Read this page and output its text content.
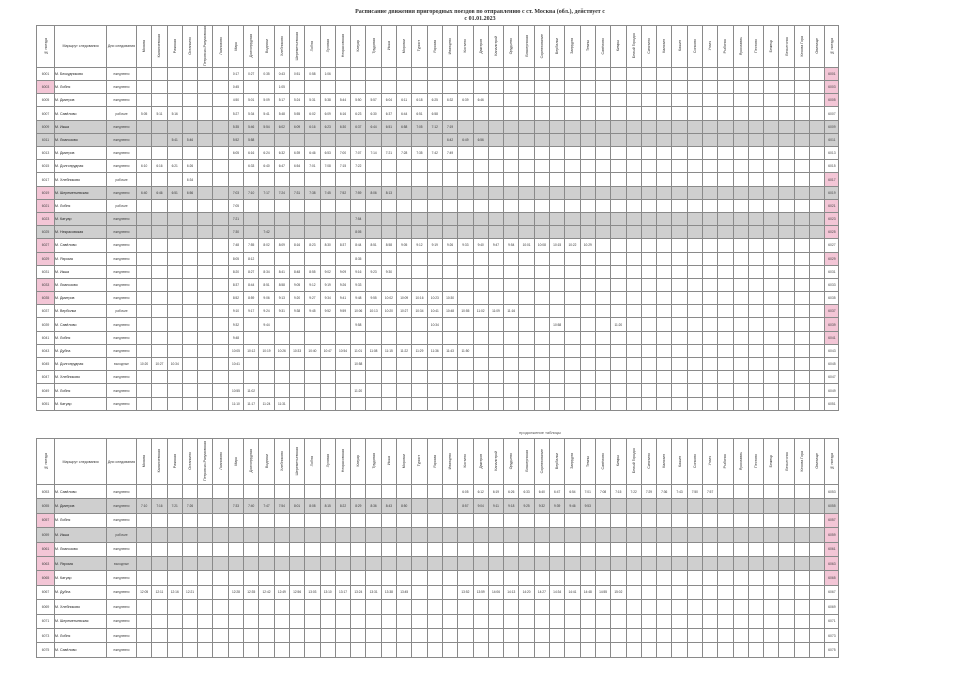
Расписание движения пригородных поездов по отправлению с ст. Москва (обл.), действует с
с 01.01.2023
№ поезда	Маршрут следования	Дни следования	Москва	Каланчевская	Рижская	Останкино	Петровско-Разумовская	Лианозово	Марк	Долгопрудная	Водники	Хлебниково	Шереметьевская	Лобня	Луговая	Некрасовская	Катуар	Трудовая	Икша	Морозки	Турист	Яхрома	Иванцево	Костино	Дмитров	Каналстрой	Орудьево	Влахернская	Соревнование	Вербилки	Запрудня	Темпы	Савёлово	Кимры	Белый Городок	Скнятино	Калязин	Кашин	Сонково	Углич	Рыбинск	Ярославль	Пестово	Бежецк	Весьегонск	Кесова Гора	Овинище	№ поезда
6001	М. Бескудниково	ежедневно							0:17	0:27	0:35	0:43	0:51	0:58	1:06																																	6001
6003	М. Лобня	ежедневно							0:45			1:05																																				6003
6005	М. Дмитров	ежедневно							4:50	5:01	5:09	5:17	5:24	5:31	5:38	5:44	5:50	5:57	6:04	6:11	6:18	6:25	6:32	6:39	6:46																							6005
6007	М. Савёлово	рабочие	5:05	5:11	5:16				5:27	5:34	5:41	5:48	5:55	6:02	6:09	6:16	6:23	6:30	6:37	6:44	6:51	6:58																										6007
6009	М. Икша	ежедневно							5:35	5:46	5:54	6:02	6:09	6:16	6:23	6:30	6:37	6:44	6:51	6:58	7:05	7:12	7:19																									6009
6011	М. Лианозово	ежедневно			5:41	5:46			5:52	5:58													6:42	6:49	6:56																							6011
6013	М. Дмитров	ежедневно							6:05	6:16	6:24	6:32	6:39	6:46	6:53	7:00	7:07	7:14	7:21	7:28	7:35	7:42	7:49																									6013
6015	М. Долгопрудная	ежедневно	6:10	6:16	6:21	6:26				6:33	6:40	6:47	6:54	7:01	7:08	7:15	7:22																															6015
6017	М. Хлебниково	рабочие				6:34																																										6017
6019	М. Шереметьевская	ежедневно	6:40	6:46	6:51	6:56			7:03	7:10	7:17	7:24	7:31	7:38	7:45	7:52	7:59	8:06	8:13																													6019
6021	М. Лобня	рабочие							7:05																																							6021
6023	М. Катуар	ежедневно							7:21								7:54																															6023
6025	М. Некрасовская	ежедневно							7:30		7:42						8:05																															6025
6027	М. Савёлово	ежедневно							7:48	7:55	8:02	8:09	8:16	8:23	8:30	8:37	8:44	8:51	8:58	9:05	9:12	9:19	9:26	9:33	9:40	9:47	9:54	10:01	10:08	10:15	10:22	10:29																6027
6029	М. Яхрома	ежедневно							8:05	8:12							8:35																															6029
6031	М. Икша	ежедневно							8:20	8:27	8:34	8:41	8:48	8:55	9:02	9:09	9:16	9:23	9:30																													6031
6033	М. Лианозово	ежедневно							8:37	8:44	8:51	8:58	9:05	9:12	9:19	9:26	9:33																															6033
6035	М. Дмитров	ежедневно							8:52	8:59	9:06	9:13	9:20	9:27	9:34	9:41	9:48	9:55	10:02	10:09	10:16	10:23	10:30																									6035
6037	М. Вербилки	рабочие							9:10	9:17	9:24	9:31	9:38	9:45	9:52	9:59	10:06	10:13	10:20	10:27	10:34	10:41	10:48	10:55	11:02	11:09	11:16																					6037
6039	М. Савёлово	ежедневно							9:32		9:44						9:58					10:34								10:58				11:20														6039
6041	М. Лобня	ежедневно							9:48																																							6041
6043	М. Дубна	ежедневно							10:05	10:12	10:19	10:26	10:33	10:40	10:47	10:54	11:01	11:08	11:15	11:22	11:29	11:36	11:43	11:50																								6043
6045	М. Долгопрудная	выходные	10:20	10:27	10:34				10:41								10:58																															6045
6047	М. Хлебниково	ежедневно																																														6047
6049	М. Лобня	ежедневно							10:55	11:02							11:20																															6049
6051	М. Катуар	ежедневно							11:10	11:17	11:24	11:31																																				6051
продолжение таблицы
№ поезда	Маршрут следования	Дни следования	Москва	Каланчевская	Рижская	Останкино	Петровско-Разумовская	Лианозово	Марк	Долгопрудная	Водники	Хлебниково	Шереметьевская	Лобня	Луговая	Некрасовская	Катуар	Трудовая	Икша	Морозки	Турист	Яхрома	Иванцево	Костино	Дмитров	Каналстрой	Орудьево	Влахернская	Соревнование	Вербилки	Запрудня	Темпы	Савёлово	Кимры	Белый Городок	Скнятино	Калязин	Кашин	Сонково	Углич	Рыбинск	Ярославль	Пестово	Бежецк	Весьегонск	Кесова Гора	Овинище	№ поезда
6053	М. Савёлово	ежедневно																						6:05	6:12	6:19	6:26	6:33	6:40	6:47	6:54	7:01	7:08	7:15	7:22	7:29	7:36	7:43	7:50	7:57								6053
6055	М. Дмитров	ежедневно	7:10	7:16	7:21	7:26			7:33	7:40	7:47	7:54	8:01	8:08	8:15	8:22	8:29	8:36	8:43	8:50				8:57	9:04	9:11	9:18	9:25	9:32	9:39	9:46	9:53																6055
6057	М. Лобня	ежедневно																																														6057
6059	М. Икша	рабочие																																														6059
6061	М. Лианозово	ежедневно																																														6061
6063	М. Яхрома	выходные																																														6063
6065	М. Катуар	ежедневно																																														6065
6067	М. Дубна	ежедневно	12:05	12:11	12:16	12:21			12:28	12:35	12:42	12:49	12:56	13:03	13:10	13:17	13:24	13:31	13:38	13:45				13:52	13:59	14:06	14:13	14:20	14:27	14:34	14:41	14:48	14:55	15:02														6067
6069	М. Хлебниково	ежедневно																																														6069
6071	М. Шереметьевская	ежедневно																																														6071
6073	М. Лобня	ежедневно																																														6073
6075	М. Савёлово	ежедневно																																														6075
